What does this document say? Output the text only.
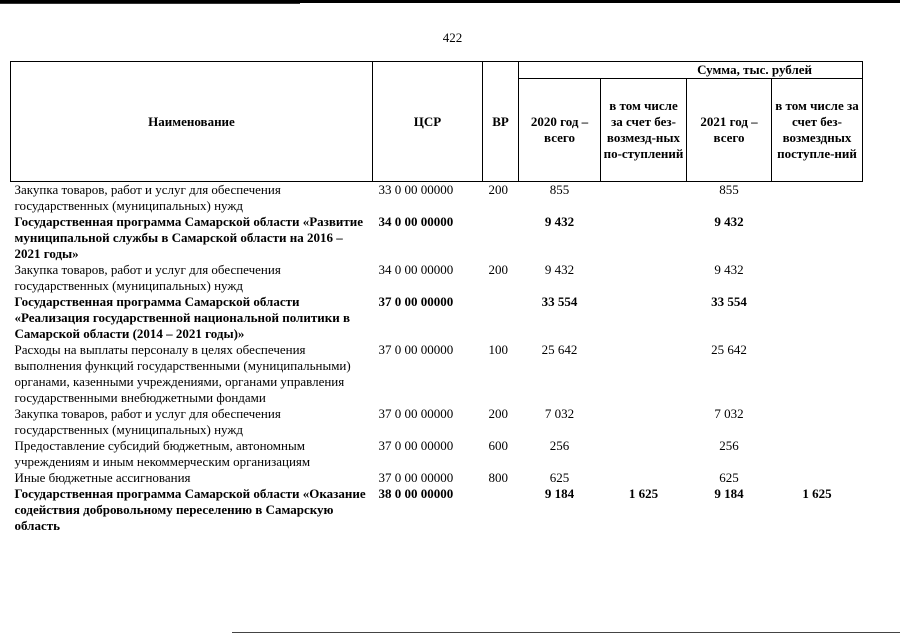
422
Наименование	ЦСР	ВР	Сумма, тыс. рублей			
			2020 год – всего	в том числе за счет без-возмезд-ных по-ступлений	2021 год – всего	в том числе за счет без-возмездных поступле-ний
Закупка товаров, работ и услуг для обеспечения государственных (муниципальных) нужд	33 0 00 00000	200	855		855	
Государственная программа Самарской области «Развитие муниципальной службы в Самарской области на 2016 – 2021 годы»	34 0 00 00000		9 432		9 432	
Закупка товаров, работ и услуг для обеспечения государственных (муниципальных) нужд	34 0 00 00000	200	9 432		9 432	
Государственная программа Самарской области «Реализация государственной национальной политики в Самарской области (2014 – 2021 годы)»	37 0 00 00000		33 554		33 554	
Расходы на выплаты персоналу в целях обеспечения выполнения функций государственными (муниципальными) органами, казенными учреждениями, органами управления государственными внебюджетными фондами	37 0 00 00000	100	25 642		25 642	
Закупка товаров, работ и услуг для обеспечения государственных (муниципальных) нужд	37 0 00 00000	200	7 032		7 032	
Предоставление субсидий бюджетным, автономным учреждениям и иным некоммерческим организациям	37 0 00 00000	600	256		256	
Иные бюджетные ассигнования	37 0 00 00000	800	625		625	
Государственная программа Самарской области «Оказание содействия добровольному переселению в Самарскую область	38 0 00 00000		9 184	1 625	9 184	1 625
